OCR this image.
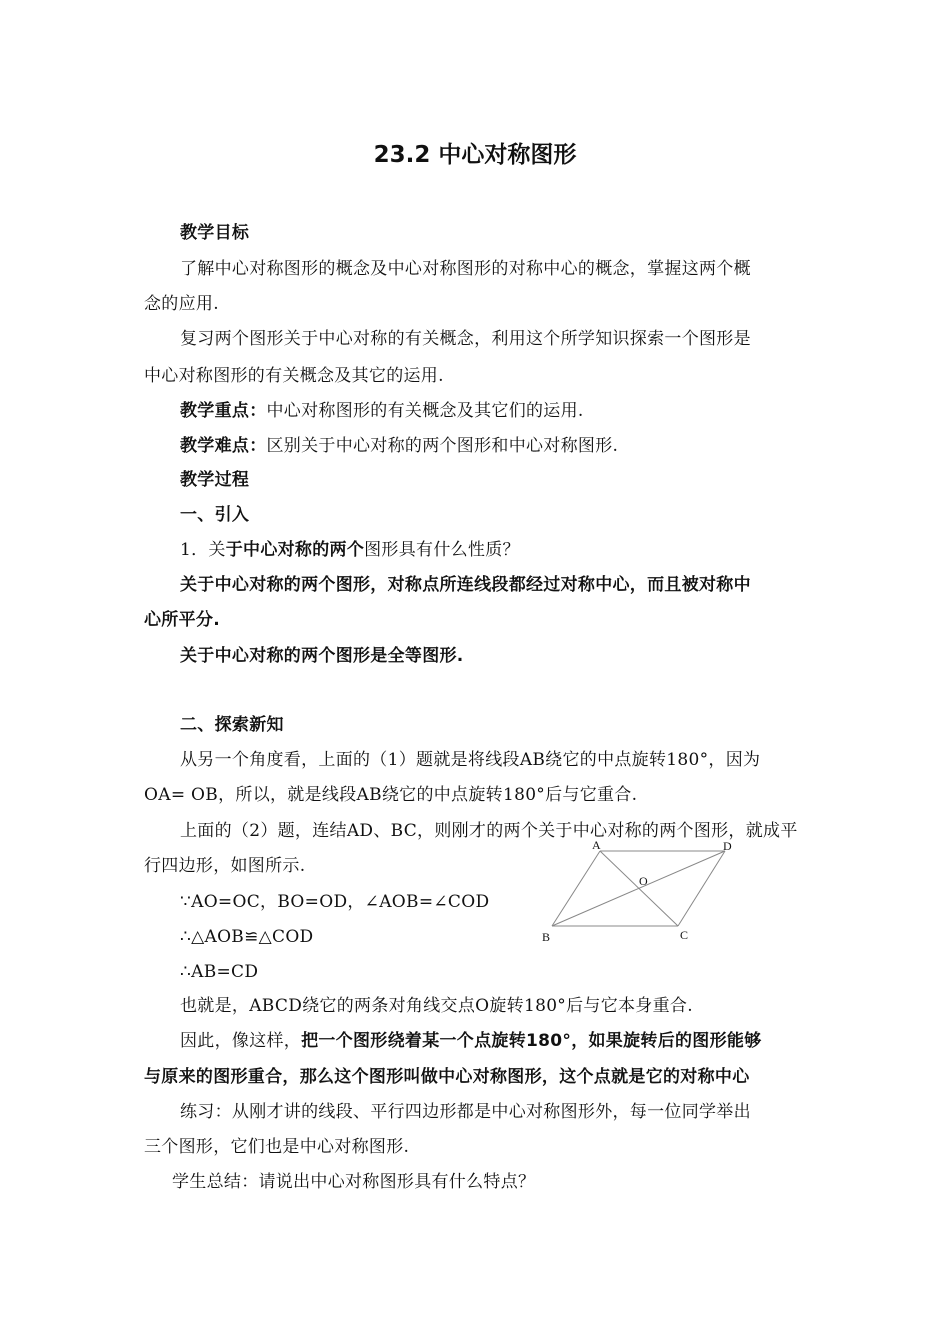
23.2 中心对称图形
教学目标
了解中心对称图形的概念及中心对称图形的对称中心的概念，掌握这两个概
念的应用.
复习两个图形关于中心对称的有关概念，利用这个所学知识探索一个图形是
中心对称图形的有关概念及其它的运用.
教学重点：中心对称图形的有关概念及其它们的运用.
教学难点：区别关于中心对称的两个图形和中心对称图形.
教学过程
一、引入
1．关于中心对称的两个图形具有什么性质？
关于中心对称的两个图形，对称点所连线段都经过对称中心，而且被对称中
心所平分.
关于中心对称的两个图形是全等图形.
二、探索新知
从另一个角度看，上面的（1）题就是将线段AB绕它的中点旋转180°，因为
OA= OB，所以，就是线段AB绕它的中点旋转180°后与它重合.
上面的（2）题，连结AD、BC，则刚才的两个关于中心对称的两个图形，就成平
行四边形，如图所示.
∵AO=OC，BO=OD，∠AOB=∠COD
∴△AOB≌△COD
∴AB=CD
也就是，ABCD绕它的两条对角线交点O旋转180°后与它本身重合.
因此，像这样，把一个图形绕着某一个点旋转180°，如果旋转后的图形能够
与原来的图形重合，那么这个图形叫做中心对称图形，这个点就是它的对称中心
练习：从刚才讲的线段、平行四边形都是中心对称图形外，每一位同学举出
三个图形，它们也是中心对称图形.
学生总结：请说出中心对称图形具有什么特点？
A	D
O
B	C
